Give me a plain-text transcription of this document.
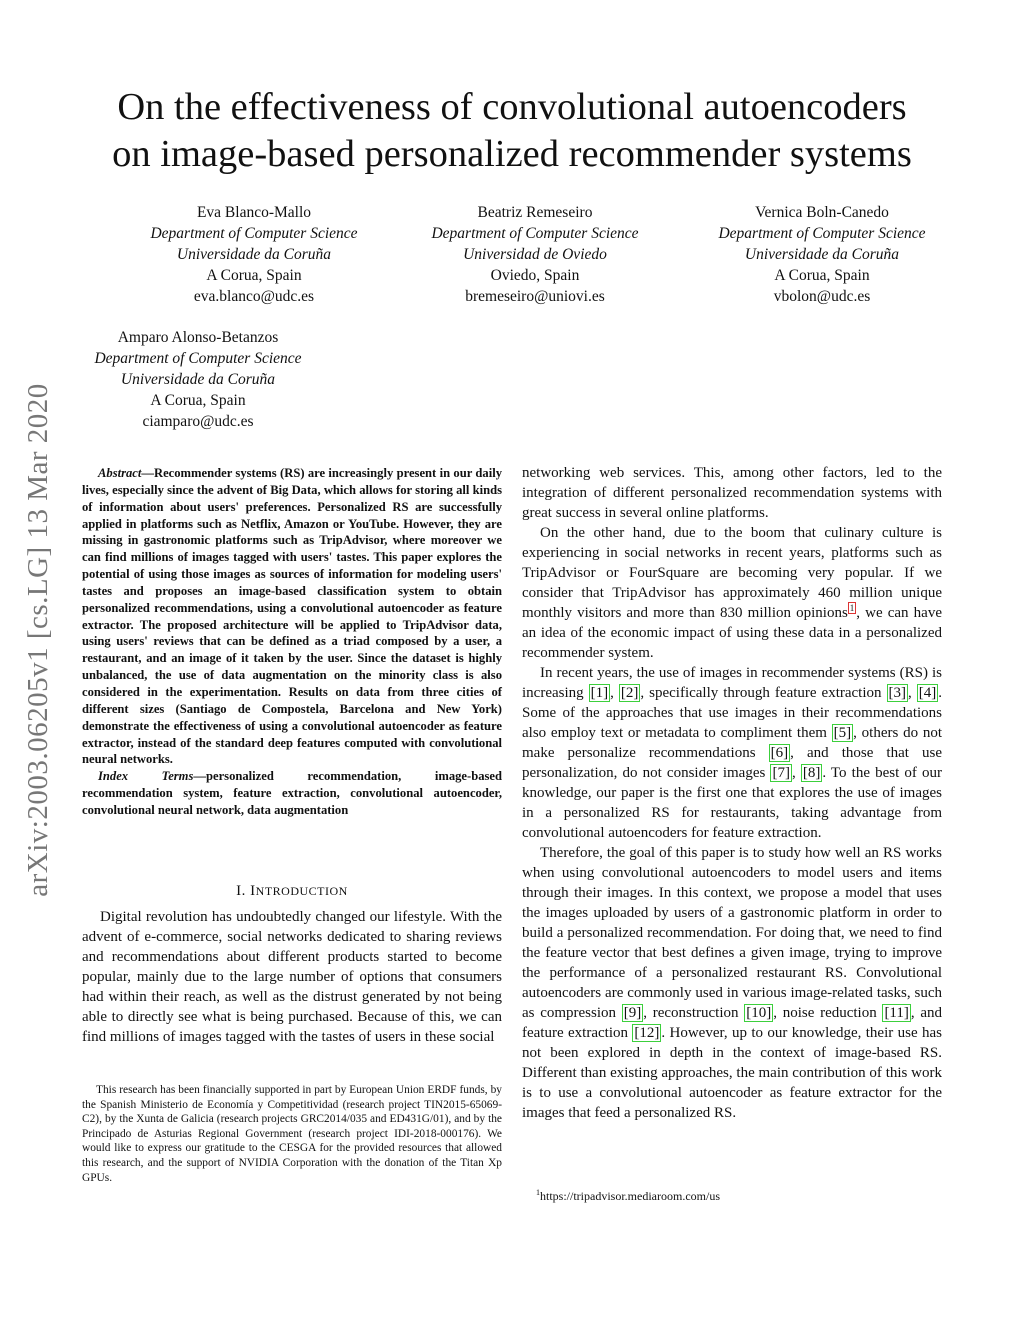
On the effectiveness of convolutional autoencoders
on image-based personalized recommender systems
arXiv:2003.06205v1 [cs.LG] 13 Mar 2020
Eva Blanco-Mallo
Department of Computer Science
Universidade da Coruña
A Corua, Spain
eva.blanco@udc.es
Beatriz Remeseiro
Department of Computer Science
Universidad de Oviedo
Oviedo, Spain
bremeseiro@uniovi.es
Vernica Boln-Canedo
Department of Computer Science
Universidade da Coruña
A Corua, Spain
vbolon@udc.es
Amparo Alonso-Betanzos
Department of Computer Science
Universidade da Coruña
A Corua, Spain
ciamparo@udc.es

Abstract—Recommender systems (RS) are increasingly present in our daily lives, especially since the advent of Big Data, which allows for storing all kinds of information about users' preferences. Personalized RS are successfully applied in platforms such as Netflix, Amazon or YouTube. However, they are missing in gastronomic platforms such as TripAdvisor, where moreover we can find millions of images tagged with users' tastes. This paper explores the potential of using those images as sources of information for modeling users' tastes and proposes an image-based classification system to obtain personalized recommendations, using a convolutional autoencoder as feature extractor. The proposed architecture will be applied to TripAdvisor data, using users' reviews that can be defined as a triad composed by a user, a restaurant, and an image of it taken by the user. Since the dataset is highly unbalanced, the use of data augmentation on the minority class is also considered in the experimentation. Results on data from three cities of different sizes (Santiago de Compostela, Barcelona and New York) demonstrate the effectiveness of using a convolutional autoencoder as feature extractor, instead of the standard deep features computed with convolutional neural networks.

Index Terms—personalized recommendation, image-based recommendation system, feature extraction, convolutional autoencoder, convolutional neural network, data augmentation

I. INTRODUCTION

Digital revolution has undoubtedly changed our lifestyle. With the advent of e-commerce, social networks dedicated to sharing reviews and recommendations about different products started to become popular, mainly due to the large number of options that consumers had within their reach, as well as the distrust generated by not being able to directly see what is being purchased. Because of this, we can find millions of images tagged with the tastes of users in these social

This research has been financially supported in part by European Union ERDF funds, by the Spanish Ministerio de Economía y Competitividad (research project TIN2015-65069-C2), by the Xunta de Galicia (research projects GRC2014/035 and ED431G/01), and by the Principado de Asturias Regional Government (research project IDI-2018-000176). We would like to express our gratitude to the CESGA for the provided resources that allowed this research, and the support of NVIDIA Corporation with the donation of the Titan Xp GPUs.

networking web services. This, among other factors, led to the integration of different personalized recommendation systems with great success in several online platforms.

On the other hand, due to the boom that culinary culture is experiencing in social networks in recent years, platforms such as TripAdvisor or FourSquare are becoming very popular. If we consider that TripAdvisor has approximately 460 million unique monthly visitors and more than 830 million opinions $^1$ , we can have an idea of the economic impact of using these data in a personalized recommender system.

In recent years, the use of images in recommender systems (RS) is increasing [1] , [2] , specifically through feature extraction [3] , [4] . Some of the approaches that use images in their recommendations also employ text or metadata to compliment them [5] , others do not make personalize recommendations [6] , and those that use personalization, do not consider images [7] , [8] . To the best of our knowledge, our paper is the first one that explores the use of images in a personalized RS for restaurants, taking advantage from convolutional autoencoders for feature extraction.

Therefore, the goal of this paper is to study how well an RS works when using convolutional autoencoders to model users and items through their images. In this context, we propose a model that uses the images uploaded by users of a gastronomic platform in order to build a personalized recommendation. For doing that, we need to find the feature vector that best defines a given image, trying to improve the performance of a personalized restaurant RS. Convolutional autoencoders are commonly used in various image-related tasks, such as compression [9] , reconstruction [10] , noise reduction [11] , and feature extraction [12] . However, up to our knowledge, their use has not been explored in depth in the context of image-based RS. Different than existing approaches, the main contribution of this work is to use a convolutional autoencoder as feature extractor for the images that feed a personalized RS.

$^1$https://tripadvisor.mediaroom.com/us
